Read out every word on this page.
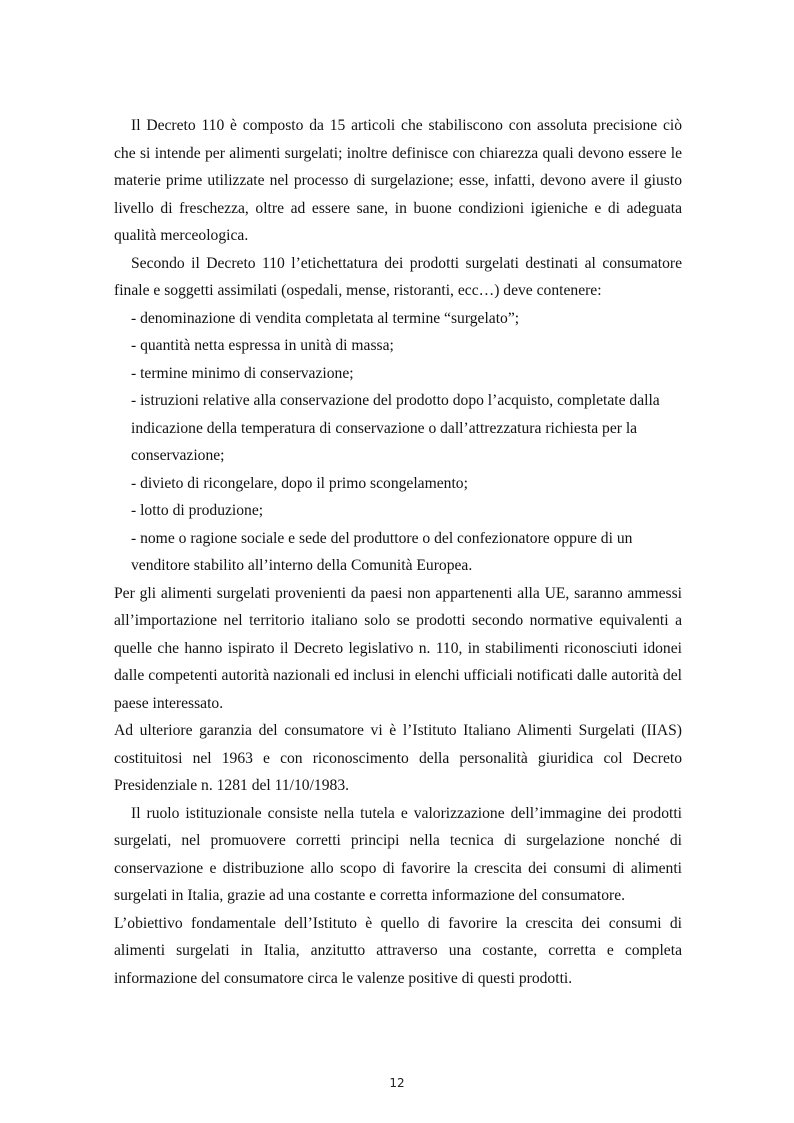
Il Decreto 110 è composto da 15 articoli che stabiliscono con assoluta precisione ciò che si intende per alimenti surgelati; inoltre definisce con chiarezza quali devono essere le materie prime utilizzate nel processo di surgelazione; esse, infatti, devono avere il giusto livello di freschezza, oltre ad essere sane, in buone condizioni igieniche e di adeguata qualità merceologica.

Secondo il Decreto 110 l’etichettatura dei prodotti surgelati destinati al consumatore finale e soggetti assimilati (ospedali, mense, ristoranti, ecc…) deve contenere:

- denominazione di vendita completata al termine “surgelato”;
- quantità netta espressa in unità di massa;
- termine minimo di conservazione;
- istruzioni relative alla conservazione del prodotto dopo l’acquisto, completate dalla indicazione della temperatura di conservazione o dall’attrezzatura richiesta per la conservazione;
- divieto di ricongelare, dopo il primo scongelamento;
- lotto di produzione;
- nome o ragione sociale e sede del produttore o del confezionatore oppure di un venditore stabilito all’interno della Comunità Europea.

Per gli alimenti surgelati provenienti da paesi non appartenenti alla UE, saranno ammessi all’importazione nel territorio italiano solo se prodotti secondo normative equivalenti a quelle che hanno ispirato il Decreto legislativo n. 110, in stabilimenti riconosciuti idonei dalle competenti autorità nazionali ed inclusi in elenchi ufficiali notificati dalle autorità del paese interessato.

Ad ulteriore garanzia del consumatore vi è l’Istituto Italiano Alimenti Surgelati (IIAS) costituitosi nel 1963 e con riconoscimento della personalità giuridica col Decreto Presidenziale n. 1281 del 11/10/1983.

Il ruolo istituzionale consiste nella tutela e valorizzazione dell’immagine dei prodotti surgelati, nel promuovere corretti principi nella tecnica di surgelazione nonché di conservazione e distribuzione allo scopo di favorire la crescita dei consumi di alimenti surgelati in Italia, grazie ad una costante e corretta informazione del consumatore.

L’obiettivo fondamentale dell’Istituto è quello di favorire la crescita dei consumi di alimenti surgelati in Italia, anzitutto attraverso una costante, corretta e completa informazione del consumatore circa le valenze positive di questi prodotti.

12
